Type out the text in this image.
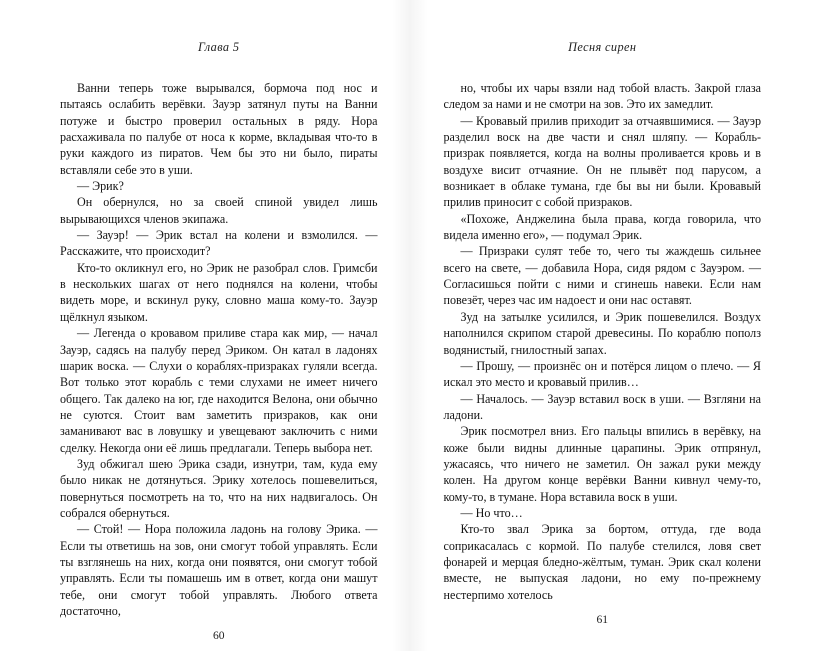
Глава 5

Ванни теперь тоже вырывался, бормоча под нос и пытаясь ослабить верёвки. Зауэр затянул путы на Ванни потуже и быстро проверил остальных в ряду. Нора расхаживала по палубе от носа к корме, вкладывая что-то в руки каждого из пиратов. Чем бы это ни было, пираты вставляли себе это в уши.

— Эрик?

Он обернулся, но за своей спиной увидел лишь вырывающихся членов экипажа.

— Зауэр! — Эрик встал на колени и взмолился. — Расскажите, что происходит?

Кто-то окликнул его, но Эрик не разобрал слов. Гримсби в нескольких шагах от него поднялся на колени, чтобы видеть море, и вскинул руку, словно маша кому-то. Зауэр щёлкнул языком.

— Легенда о кровавом приливе стара как мир, — начал Зауэр, садясь на палубу перед Эриком. Он катал в ладонях шарик воска. — Слухи о кораблях-призраках гуляли всегда. Вот только этот корабль с теми слухами не имеет ничего общего. Так далеко на юг, где находится Велона, они обычно не суются. Стоит вам заметить призраков, как они заманивают вас в ловушку и увещевают заключить с ними сделку. Некогда они её лишь предлагали. Теперь выбора нет.

Зуд обжигал шею Эрика сзади, изнутри, там, куда ему было никак не дотянуться. Эрику хотелось пошевелиться, повернуться посмотреть на то, что на них надвигалось. Он собрался обернуться.

— Стой! — Нора положила ладонь на голову Эрика. — Если ты ответишь на зов, они смогут тобой управлять. Если ты взглянешь на них, когда они появятся, они смогут тобой управлять. Если ты помашешь им в ответ, когда они машут тебе, они смогут тобой управлять. Любого ответа достаточно,

60
Песня сирен

но, чтобы их чары взяли над тобой власть. Закрой глаза следом за нами и не смотри на зов. Это их замедлит.

— Кровавый прилив приходит за отчаявшимися. — Зауэр разделил воск на две части и снял шляпу. — Корабль-призрак появляется, когда на волны проливается кровь и в воздухе висит отчаяние. Он не плывёт под парусом, а возникает в облаке тумана, где бы вы ни были. Кровавый прилив приносит с собой призраков.

«Похоже, Анджелина была права, когда говорила, что видела именно его», — подумал Эрик.

— Призраки сулят тебе то, чего ты жаждешь сильнее всего на свете, — добавила Нора, сидя рядом с Зауэром. — Согласишься пойти с ними и сгинешь навеки. Если нам повезёт, через час им надоест и они нас оставят.

Зуд на затылке усилился, и Эрик пошевелился. Воздух наполнился скрипом старой древесины. По кораблю пополз водянистый, гнилостный запах.

— Прошу, — произнёс он и потёрся лицом о плечо. — Я искал это место и кровавый прилив…

— Началось. — Зауэр вставил воск в уши. — Взгляни на ладони.

Эрик посмотрел вниз. Его пальцы впились в верёвку, на коже были видны длинные царапины. Эрик отпрянул, ужасаясь, что ничего не заметил. Он зажал руки между колен. На другом конце верёвки Ванни кивнул чему-то, кому-то, в тумане. Нора вставила воск в уши.

— Но что…

Кто-то звал Эрика за бортом, оттуда, где вода соприкасалась с кормой. По палубе стелился, ловя свет фонарей и мерцая бледно-жёлтым, туман. Эрик скал колени вместе, не выпуская ладони, но ему по-прежнему нестерпимо хотелось

61
